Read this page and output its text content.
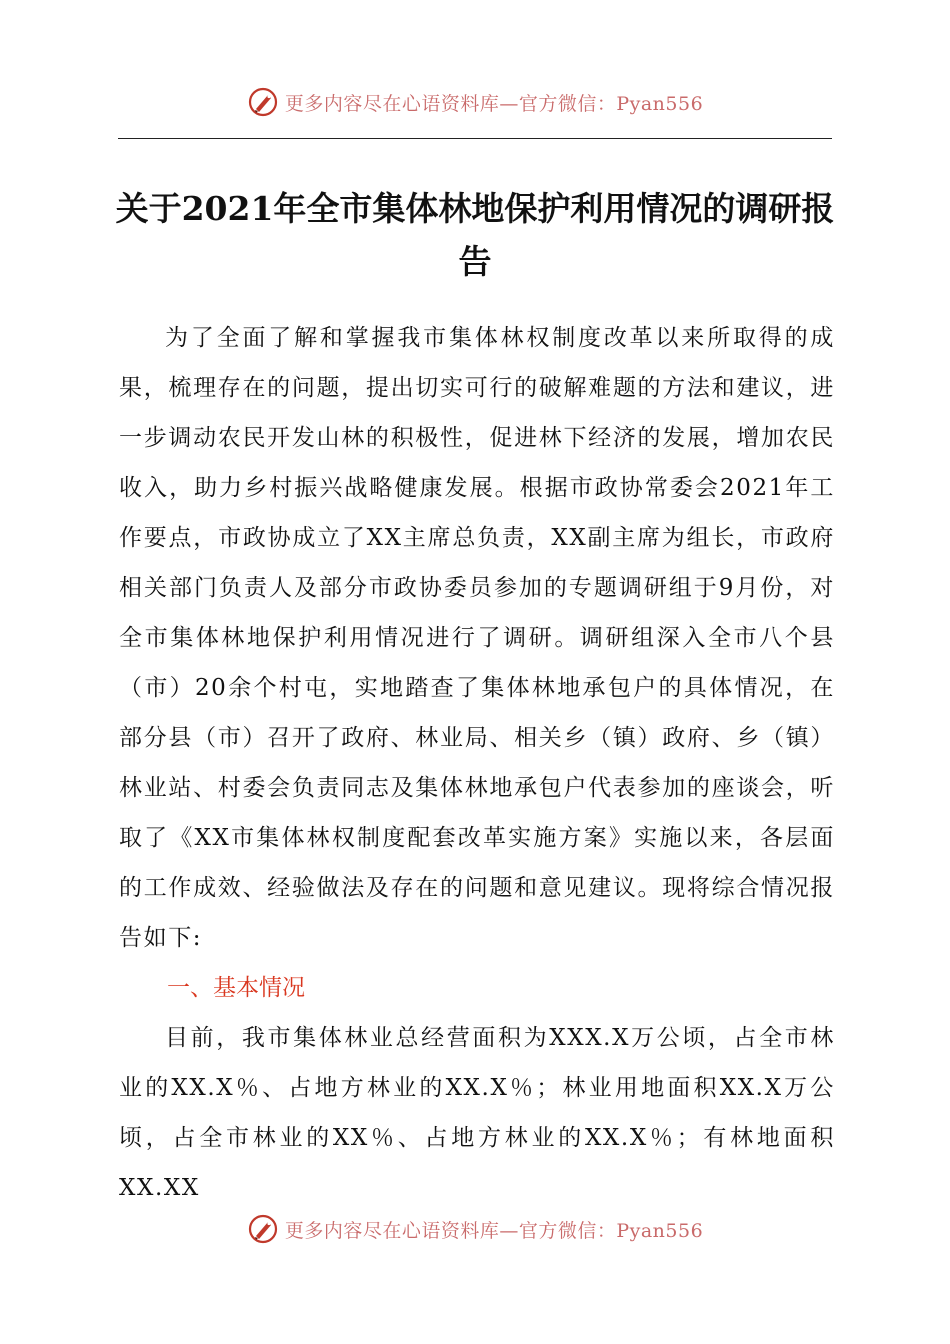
更多内容尽在心语资料库—官方微信：Pyan556
关于2021年全市集体林地保护利用情况的调研报告

为了全面了解和掌握我市集体林权制度改革以来所取得的成果，梳理存在的问题，提出切实可行的破解难题的方法和建议，进一步调动农民开发山林的积极性，促进林下经济的发展，增加农民收入，助力乡村振兴战略健康发展。根据市政协常委会2021年工作要点，市政协成立了XX主席总负责，XX副主席为组长，市政府相关部门负责人及部分市政协委员参加的专题调研组于9月份，对全市集体林地保护利用情况进行了调研。调研组深入全市八个县（市）20余个村屯，实地踏查了集体林地承包户的具体情况，在部分县（市）召开了政府、林业局、相关乡（镇）政府、乡（镇）林业站、村委会负责同志及集体林地承包户代表参加的座谈会，听取了《XX市集体林权制度配套改革实施方案》实施以来，各层面的工作成效、经验做法及存在的问题和意见建议。现将综合情况报告如下:

一、基本情况

目前，我市集体林业总经营面积为XXX.X万公顷，占全市林业的XX.X％、占地方林业的XX.X％；林业用地面积XX.X万公顷，占全市林业的XX％、占地方林业的XX.X％；有林地面积XX.XX

更多内容尽在心语资料库—官方微信：Pyan556
